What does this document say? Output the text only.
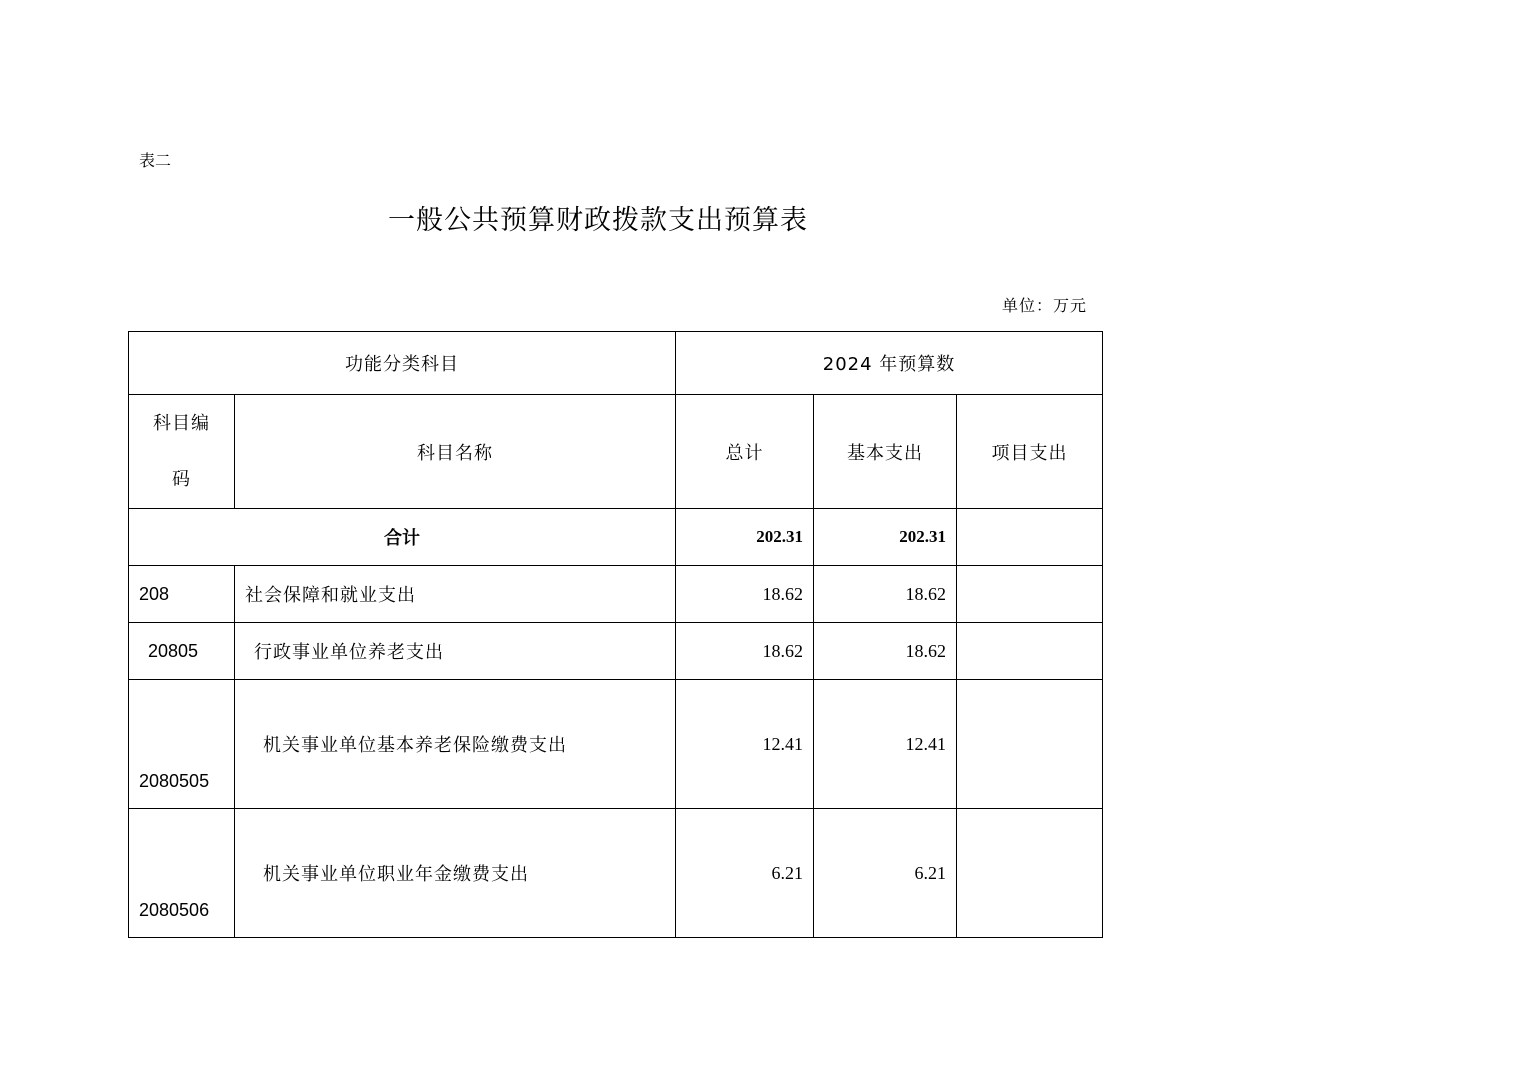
表二
一般公共预算财政拨款支出预算表
单位：万元
功能分类科目		2024 年预算数		

科目编
码	科目名称	总计	基本支出	项目支出
合计		202.31	202.31	
208	社会保障和就业支出	18.62	18.62	
20805	行政事业单位养老支出	18.62	18.62	
2080505	机关事业单位基本养老保险缴费支出	12.41	12.41	
2080506	机关事业单位职业年金缴费支出	6.21	6.21	
